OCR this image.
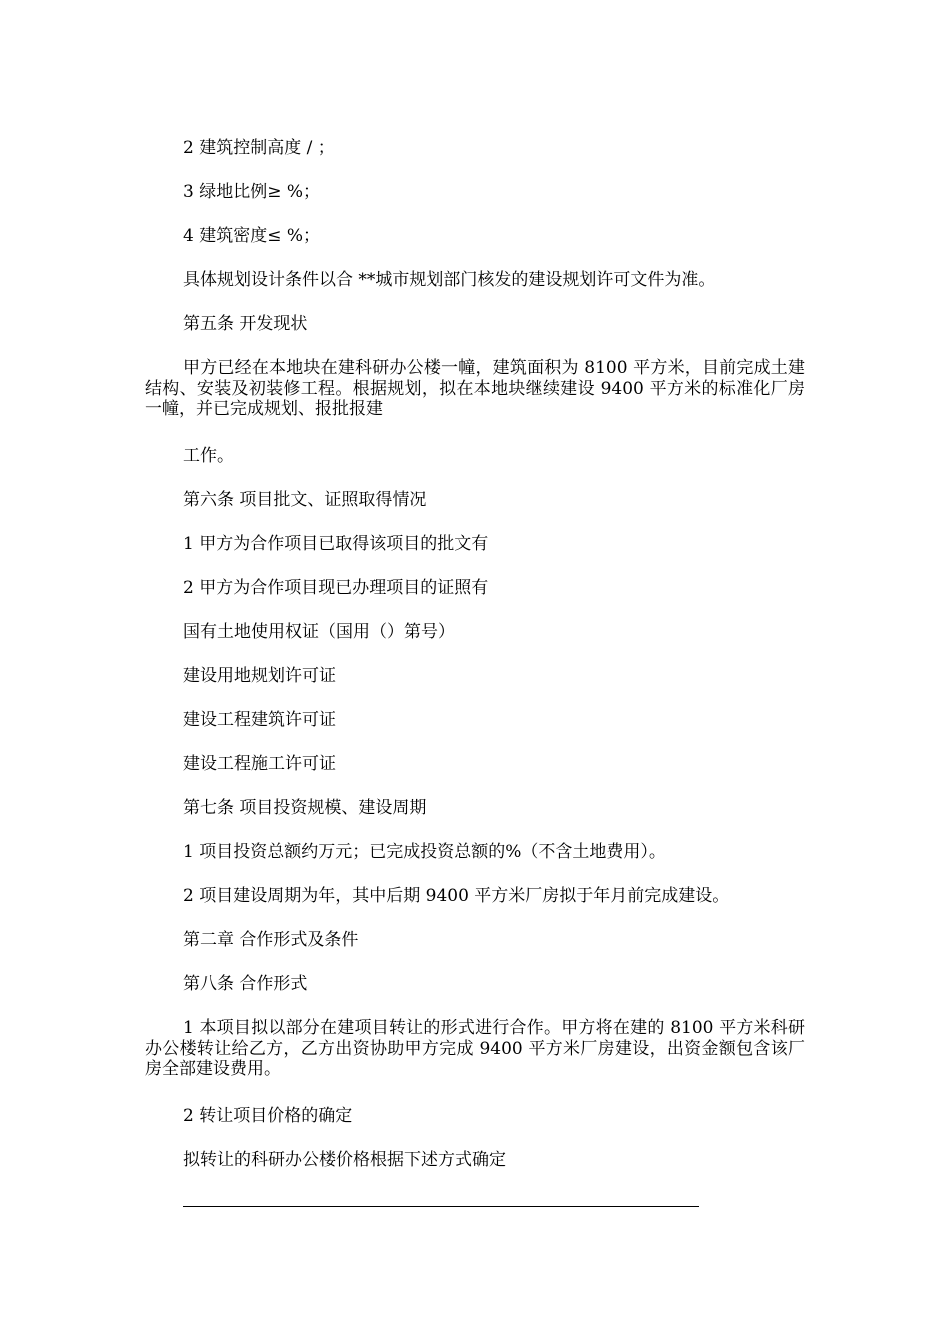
2 建筑控制高度 / ；
3 绿地比例≥ %；
4 建筑密度≤ %；
具体规划设计条件以合 **城市规划部门核发的建设规划许可文件为准。
第五条 开发现状

甲方已经在本地块在建科研办公楼一幢，建筑面积为 8100 平方米，目前完成土建结构、安装及初装修工程。根据规划，拟在本地块继续建设 9400 平方米的标准化厂房一幢，并已完成规划、报批报建

工作。
第六条 项目批文、证照取得情况
1 甲方为合作项目已取得该项目的批文有
2 甲方为合作项目现已办理项目的证照有
国有土地使用权证（国用（）第号）
建设用地规划许可证
建设工程建筑许可证
建设工程施工许可证
第七条 项目投资规模、建设周期
1 项目投资总额约万元；已完成投资总额的%（不含土地费用）。
2 项目建设周期为年，其中后期 9400 平方米厂房拟于年月前完成建设。
第二章 合作形式及条件
第八条 合作形式

1 本项目拟以部分在建项目转让的形式进行合作。甲方将在建的 8100 平方米科研办公楼转让给乙方，乙方出资协助甲方完成 9400 平方米厂房建设，出资金额包含该厂房全部建设费用。

2 转让项目价格的确定
拟转让的科研办公楼价格根据下述方式确定
